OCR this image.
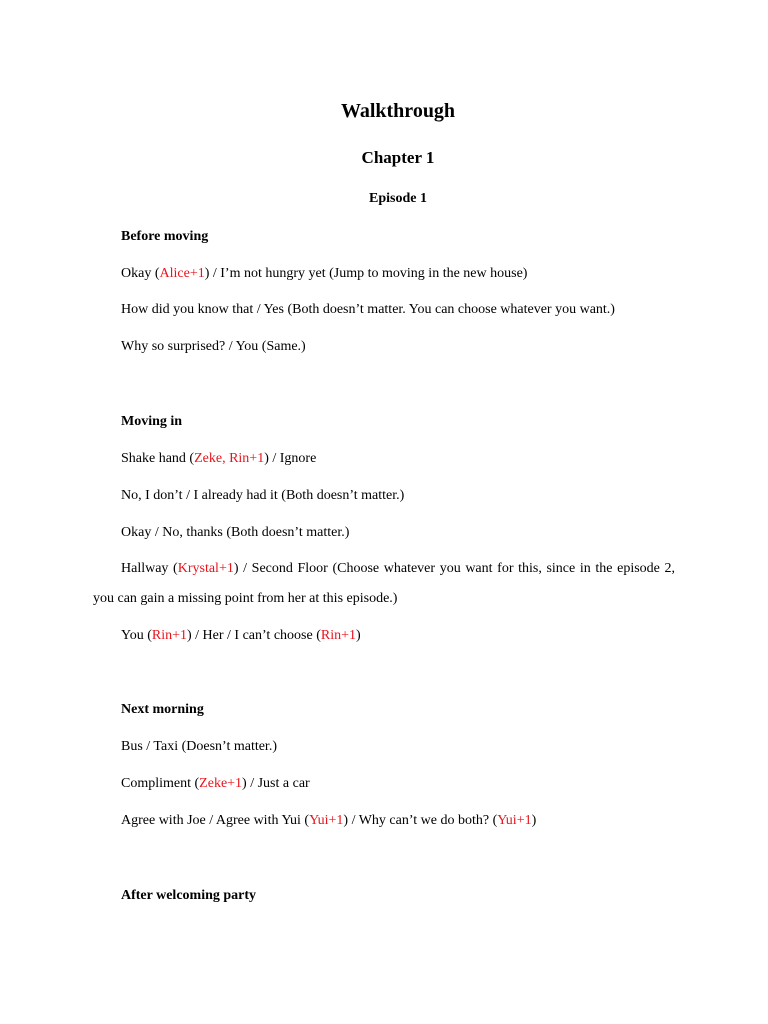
Walkthrough
Chapter 1
Episode 1
Before moving
Okay (Alice+1) / I’m not hungry yet (Jump to moving in the new house)
How did you know that / Yes (Both doesn’t matter. You can choose whatever you want.)
Why so surprised? / You (Same.)
Moving in
Shake hand (Zeke, Rin+1) / Ignore
No, I don’t / I already had it (Both doesn’t matter.)
Okay / No, thanks (Both doesn’t matter.)
Hallway (Krystal+1) / Second Floor (Choose whatever you want for this, since in the episode 2, you can gain a missing point from her at this episode.)
You (Rin+1) / Her / I can’t choose (Rin+1)
Next morning
Bus / Taxi (Doesn’t matter.)
Compliment (Zeke+1) / Just a car
Agree with Joe / Agree with Yui (Yui+1) / Why can’t we do both? (Yui+1)
After welcoming party
